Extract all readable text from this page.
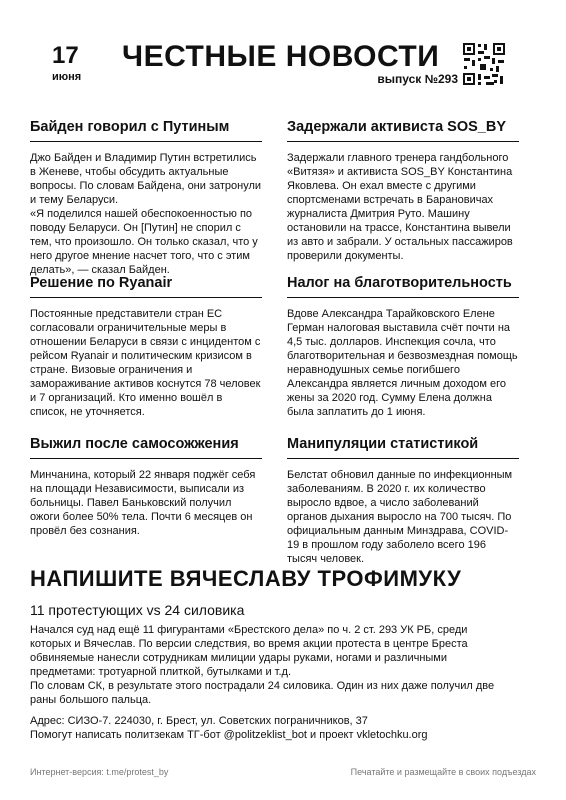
17
июня
ЧЕСТНЫЕ НОВОСТИ
выпуск №293
Байден говорил с Путиным

Джо Байден и Владимир Путин встретились в Женеве, чтобы обсудить актуальные вопросы. По словам Байдена, они затронули и тему Беларуси.
«Я поделился нашей обеспокоенностью по поводу Беларуси. Он [Путин] не спорил с тем, что произошло. Он только сказал, что у него другое мнение насчет того, что с этим делать», — сказал Байден.

Задержали активиста SOS_BY

Задержали главного тренера гандбольного «Витязя» и активиста SOS_BY Константина Яковлева. Он ехал вместе с другими спортсменами встречать в Барановичах журналиста Дмитрия Руто. Машину остановили на трассе, Константина вывели из авто и забрали. У остальных пассажиров проверили документы.

Решение по Ryanair

Постоянные представители стран ЕС согласовали ограничительные меры в отношении Беларуси в связи с инцидентом с рейсом Ryanair и политическим кризисом в стране. Визовые ограничения и замораживание активов коснутся 78 человек и 7 организаций. Кто именно вошёл в список, не уточняется.

Налог на благотворительность

Вдове Александра Тарайковского Елене Герман налоговая выставила счёт почти на 4,5 тыс. долларов. Инспекция сочла, что благотворительная и безвозмездная помощь неравнодушных семье погибшего Александра является личным доходом его жены за 2020 год. Сумму Елена должна была заплатить до 1 июня.

Выжил после самосожжения

Минчанина, который 22 января поджёг себя на площади Независимости, выписали из больницы. Павел Баньковский получил ожоги более 50% тела. Почти 6 месяцев он провёл без сознания.

Манипуляции статистикой

Белстат обновил данные по инфекционным заболеваниям. В 2020 г. их количество выросло вдвое, а число заболеваний органов дыхания выросло на 700 тысяч. По официальным данным Минздрава, COVID-19 в прошлом году заболело всего 196 тысяч человек.

НАПИШИТЕ ВЯЧЕСЛАВУ ТРОФИМУКУ
11 протестующих vs 24 силовика

Начался суд над ещё 11 фигурантами «Брестского дела» по ч. 2 ст. 293 УК РБ, среди которых и Вячеслав. По версии следствия, во время акции протеста в центре Бреста обвиняемые нанесли сотрудникам милиции удары руками, ногами и различными предметами: тротуарной плиткой, бутылками и т.д.
По словам СК, в результате этого пострадали 24 силовика. Один из них даже получил две раны большого пальца.

Адрес: СИЗО-7. 224030, г. Брест, ул. Советских пограничников, 37
Помогут написать политзекам ТГ-бот @politzeklist_bot и проект vkletochku.org
Интернет-версия: t.me/protest_by	Печатайте и размещайте в своих подъездах
